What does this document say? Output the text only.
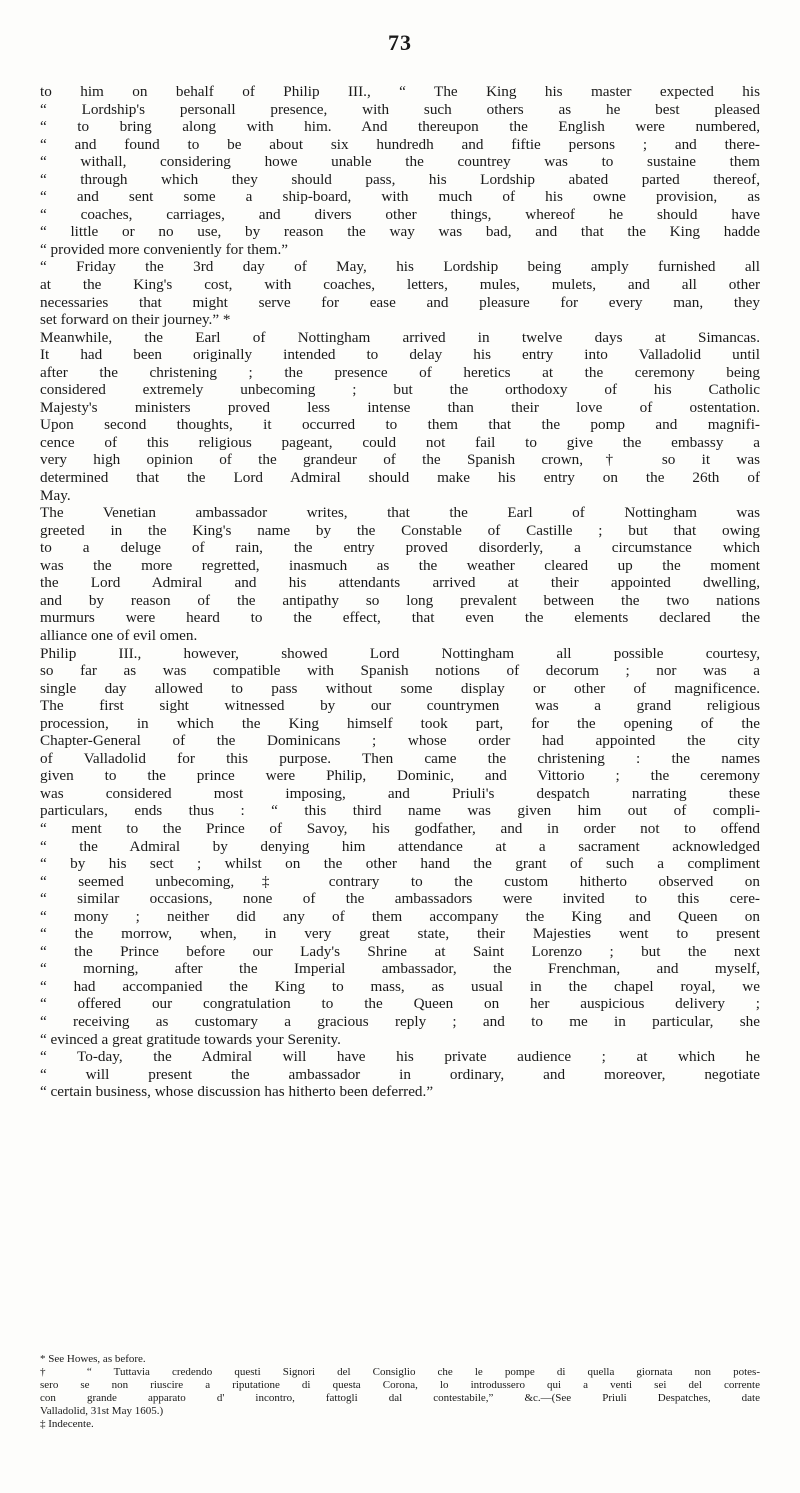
73
to him on behalf of Philip III., “ The King his master expected his
“ Lordship's personall presence, with such others as he best pleased
“ to bring along with him. And thereupon the English were numbered,
“ and found to be about six hundredh and fiftie persons ; and there-
“ withall, considering howe unable the countrey was to sustaine them
“ through which they should pass, his Lordship abated parted thereof,
“ and sent some a ship-board, with much of his owne provision, as
“ coaches, carriages, and divers other things, whereof he should have
“ little or no use, by reason the way was bad, and that the King hadde
“ provided more conveniently for them.”
“ Friday the 3rd day of May, his Lordship being amply furnished all
at the King's cost, with coaches, letters, mules, mulets, and all other
necessaries that might serve for ease and pleasure for every man, they
set forward on their journey.” *
Meanwhile, the Earl of Nottingham arrived in twelve days at Simancas.
It had been originally intended to delay his entry into Valladolid until
after the christening ; the presence of heretics at the ceremony being
considered extremely unbecoming ; but the orthodoxy of his Catholic
Majesty's ministers proved less intense than their love of ostentation.
Upon second thoughts, it occurred to them that the pomp and magnifi-
cence of this religious pageant, could not fail to give the embassy a
very high opinion of the grandeur of the Spanish crown,† so it was
determined that the Lord Admiral should make his entry on the 26th of
May.
The Venetian ambassador writes, that the Earl of Nottingham was
greeted in the King's name by the Constable of Castille ; but that owing
to a deluge of rain, the entry proved disorderly, a circumstance which
was the more regretted, inasmuch as the weather cleared up the moment
the Lord Admiral and his attendants arrived at their appointed dwelling,
and by reason of the antipathy so long prevalent between the two nations
murmurs were heard to the effect, that even the elements declared the
alliance one of evil omen.
Philip III., however, showed Lord Nottingham all possible courtesy,
so far as was compatible with Spanish notions of decorum ; nor was a
single day allowed to pass without some display or other of magnificence.
The first sight witnessed by our countrymen was a grand religious
procession, in which the King himself took part, for the opening of the
Chapter-General of the Dominicans ; whose order had appointed the city
of Valladolid for this purpose. Then came the christening : the names
given to the prince were Philip, Dominic, and Vittorio ; the ceremony
was considered most imposing, and Priuli's despatch narrating these
particulars, ends thus : “ this third name was given him out of compli-
“ ment to the Prince of Savoy, his godfather, and in order not to offend
“ the Admiral by denying him attendance at a sacrament acknowledged
“ by his sect ; whilst on the other hand the grant of such a compliment
“ seemed unbecoming,‡ contrary to the custom hitherto observed on
“ similar occasions, none of the ambassadors were invited to this cere-
“ mony ; neither did any of them accompany the King and Queen on
“ the morrow, when, in very great state, their Majesties went to present
“ the Prince before our Lady's Shrine at Saint Lorenzo ; but the next
“ morning, after the Imperial ambassador, the Frenchman, and myself,
“ had accompanied the King to mass, as usual in the chapel royal, we
“ offered our congratulation to the Queen on her auspicious delivery ;
“ receiving as customary a gracious reply ; and to me in particular, she
“ evinced a great gratitude towards your Serenity.
“ To-day, the Admiral will have his private audience ; at which he
“ will present the ambassador in ordinary, and moreover, negotiate
“ certain business, whose discussion has hitherto been deferred.”
* See Howes, as before.
† “ Tuttavia credendo questi Signori del Consiglio che le pompe di quella giornata non potes-
sero se non riuscire a riputatione di questa Corona, lo introdussero qui a venti sei del corrente
con grande apparato d' incontro, fattogli dal contestabile,” &c.—(See Priuli Despatches, date
Valladolid, 31st May 1605.)
‡ Indecente.
